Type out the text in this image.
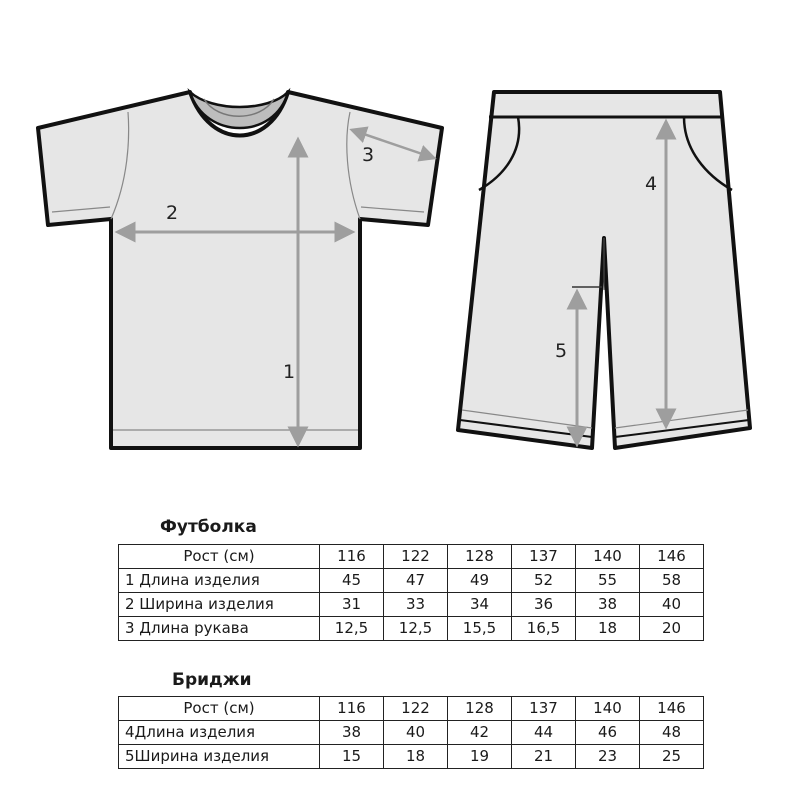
1
2
3
4
5
Футболка
Рост (см)	116	122	128	137	140	146
1 Длина изделия	45	47	49	52	55	58
2 Ширина изделия	31	33	34	36	38	40
3 Длина рукава	12,5	12,5	15,5	16,5	18	20
Бриджи
Рост (см)	116	122	128	137	140	146
4Длина изделия	38	40	42	44	46	48
5Ширина изделия	15	18	19	21	23	25
